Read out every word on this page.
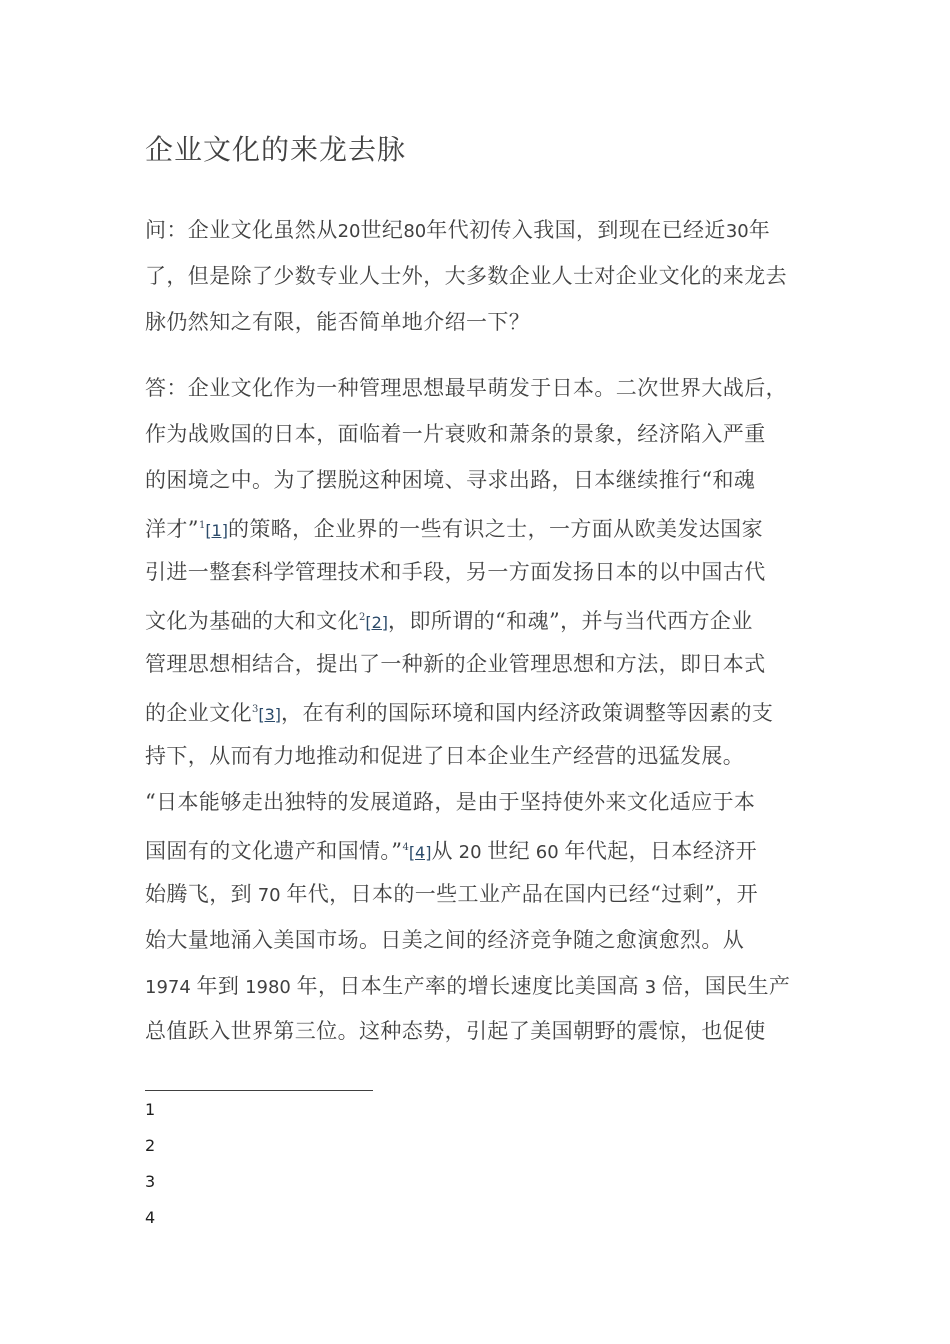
企业文化的来龙去脉
问：企业文化虽然从20世纪80年代初传入我国，到现在已经近30年
了，但是除了少数专业人士外，大多数企业人士对企业文化的来龙去
脉仍然知之有限，能否简单地介绍一下？
答：企业文化作为一种管理思想最早萌发于日本。二次世界大战后，
作为战败国的日本，面临着一片衰败和萧条的景象，经济陷入严重
的困境之中。为了摆脱这种困境、寻求出路，日本继续推行“和魂
洋才”$^1$[1]的策略，企业界的一些有识之士，一方面从欧美发达国家
引进一整套科学管理技术和手段，另一方面发扬日本的以中国古代
文化为基础的大和文化$^2$[2]，即所谓的“和魂”，并与当代西方企业
管理思想相结合，提出了一种新的企业管理思想和方法，即日本式
的企业文化$^3$[3]，在有利的国际环境和国内经济政策调整等因素的支
持下，从而有力地推动和促进了日本企业生产经营的迅猛发展。
“日本能够走出独特的发展道路，是由于坚持使外来文化适应于本
国固有的文化遗产和国情。”$^4$[4]从 20 世纪 60 年代起，日本经济开
始腾飞，到 70 年代，日本的一些工业产品在国内已经“过剩”，开
始大量地涌入美国市场。日美之间的经济竞争随之愈演愈烈。从
1974 年到 1980 年，日本生产率的增长速度比美国高 3 倍，国民生产
总值跃入世界第三位。这种态势，引起了美国朝野的震惊，也促使
1
2
3
4
